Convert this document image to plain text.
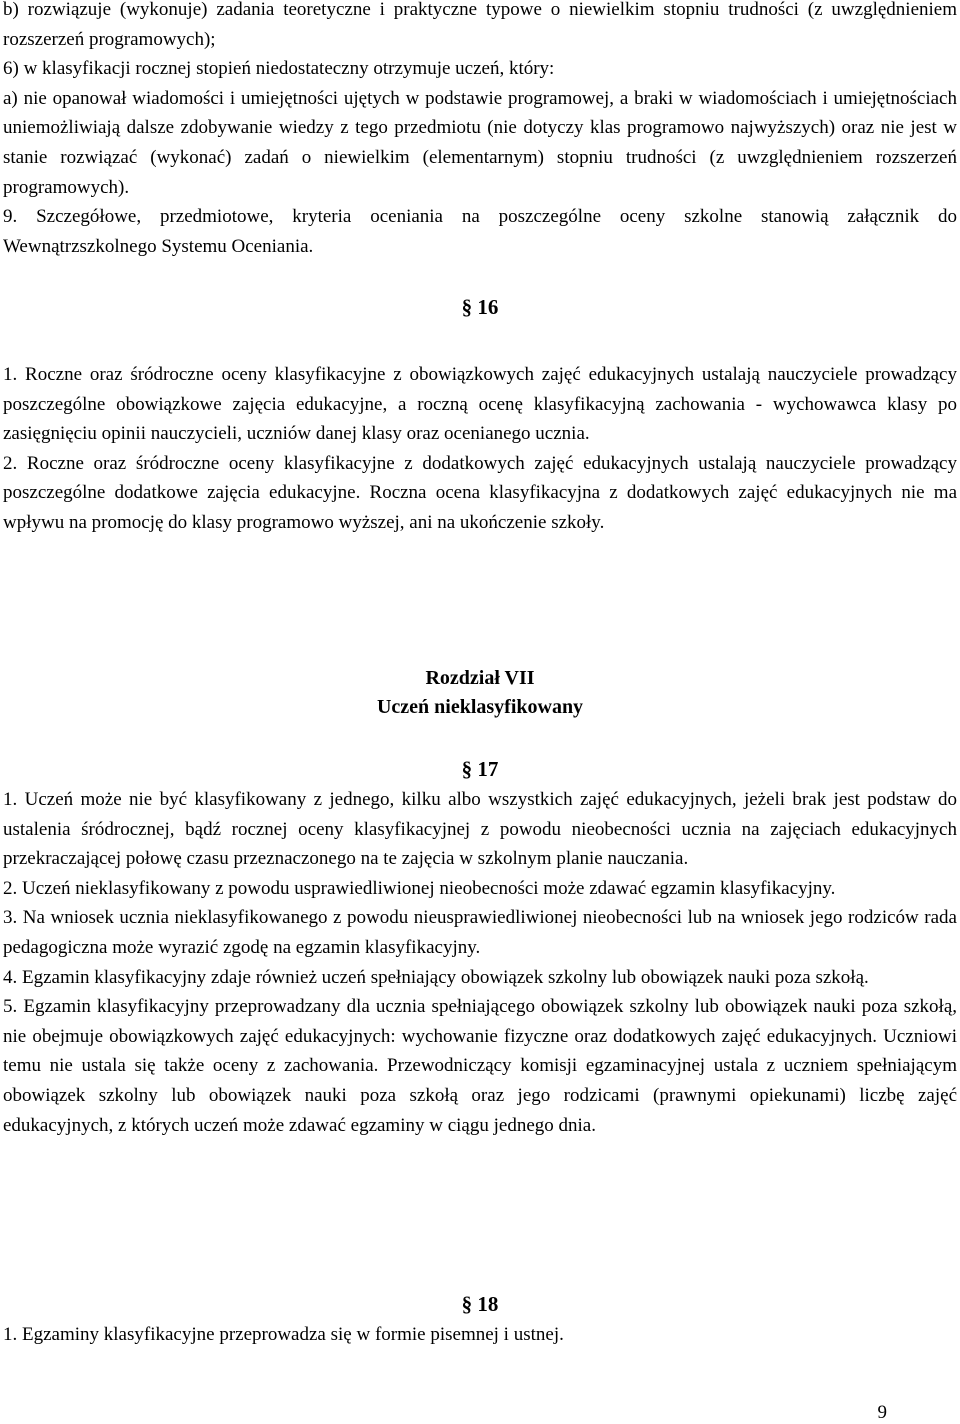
b) rozwiązuje (wykonuje) zadania teoretyczne i praktyczne typowe o niewielkim stopniu trudności (z uwzględnieniem rozszerzeń programowych);

6) w klasyfikacji rocznej stopień niedostateczny otrzymuje uczeń, który:

a) nie opanował wiadomości i umiejętności ujętych w podstawie programowej, a braki w wiadomościach i umiejętnościach uniemożliwiają dalsze zdobywanie wiedzy z tego przedmiotu (nie dotyczy klas programowo najwyższych) oraz nie jest w stanie rozwiązać (wykonać) zadań o niewielkim (elementarnym) stopniu trudności (z uwzględnieniem rozszerzeń programowych).

9. Szczegółowe, przedmiotowe, kryteria oceniania na poszczególne oceny szkolne stanowią załącznik do Wewnątrzszkolnego Systemu Oceniania.

§ 16

1. Roczne oraz śródroczne oceny klasyfikacyjne z obowiązkowych zajęć edukacyjnych ustalają nauczyciele prowadzący poszczególne obowiązkowe zajęcia edukacyjne, a roczną ocenę klasyfikacyjną zachowania - wychowawca klasy po zasięgnięciu opinii nauczycieli, uczniów danej klasy oraz ocenianego ucznia.

2. Roczne oraz śródroczne oceny klasyfikacyjne z dodatkowych zajęć edukacyjnych ustalają nauczyciele prowadzący poszczególne dodatkowe zajęcia edukacyjne. Roczna ocena klasyfikacyjna z dodatkowych zajęć edukacyjnych nie ma wpływu na promocję do klasy programowo wyższej, ani na ukończenie szkoły.

Rozdział VII

Uczeń nieklasyfikowany

§ 17

1. Uczeń może nie być klasyfikowany z jednego, kilku albo wszystkich zajęć edukacyjnych, jeżeli brak jest podstaw do ustalenia śródrocznej, bądź rocznej oceny klasyfikacyjnej z powodu nieobecności ucznia na zajęciach edukacyjnych przekraczającej połowę czasu przeznaczonego na te zajęcia w szkolnym planie nauczania.

2. Uczeń nieklasyfikowany z powodu usprawiedliwionej nieobecności może zdawać egzamin klasyfikacyjny.

3. Na wniosek ucznia nieklasyfikowanego z powodu nieusprawiedliwionej nieobecności lub na wniosek jego rodziców rada pedagogiczna może wyrazić zgodę na egzamin klasyfikacyjny.

4. Egzamin klasyfikacyjny zdaje również uczeń spełniający obowiązek szkolny lub obowiązek nauki poza szkołą.

5. Egzamin klasyfikacyjny przeprowadzany dla ucznia spełniającego obowiązek szkolny lub obowiązek nauki poza szkołą, nie obejmuje obowiązkowych zajęć edukacyjnych: wychowanie fizyczne oraz dodatkowych zajęć edukacyjnych. Uczniowi temu nie ustala się także oceny z zachowania. Przewodniczący komisji egzaminacyjnej ustala z uczniem spełniającym obowiązek szkolny lub obowiązek nauki poza szkołą oraz jego rodzicami (prawnymi opiekunami) liczbę zajęć edukacyjnych, z których uczeń może zdawać egzaminy w ciągu jednego dnia.

§ 18

1. Egzaminy klasyfikacyjne przeprowadza się w formie pisemnej i ustnej.

9
